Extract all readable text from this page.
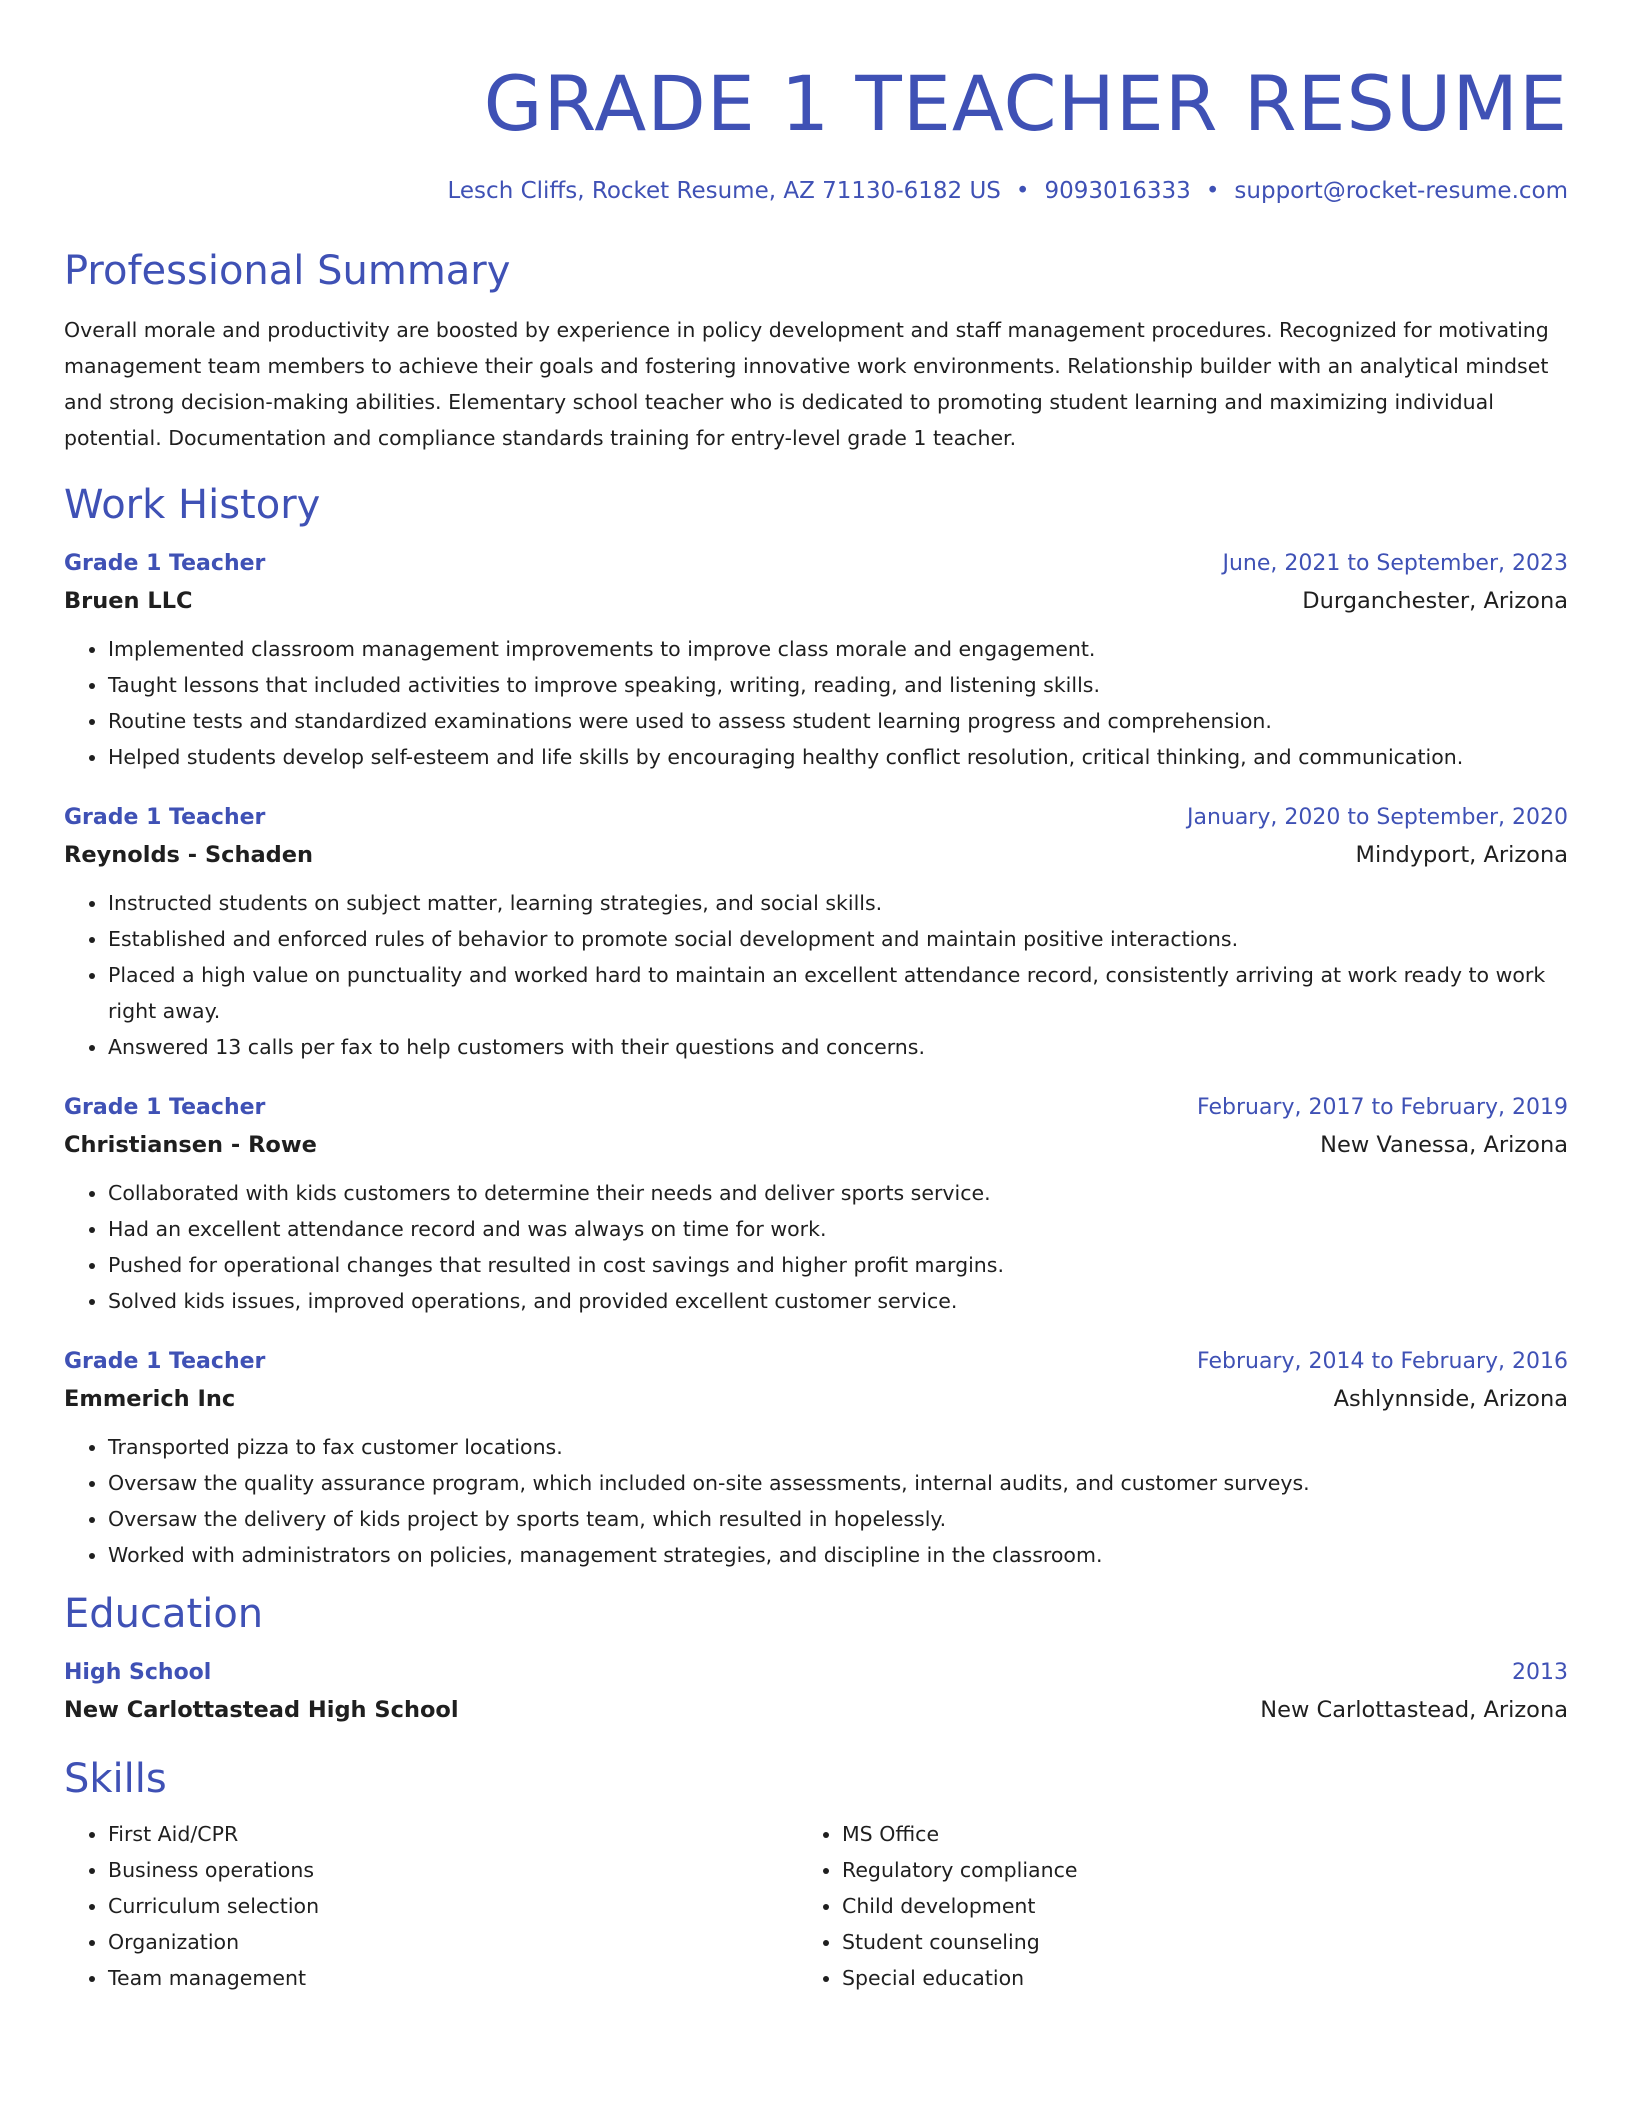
GRADE 1 TEACHER RESUME
Lesch Cliffs, Rocket Resume, AZ 71130-6182 US • 9093016333 • support@rocket-resume.com
Professional Summary
Overall morale and productivity are boosted by experience in policy development and staff management procedures. Recognized for motivating management team members to achieve their goals and fostering innovative work environments. Relationship builder with an analytical mindset and strong decision-making abilities. Elementary school teacher who is dedicated to promoting student learning and maximizing individual potential. Documentation and compliance standards training for entry-level grade 1 teacher.
Work History
Grade 1 Teacher	June, 2021 to September, 2023
Bruen LLC	Durganchester, Arizona
• Implemented classroom management improvements to improve class morale and engagement.
• Taught lessons that included activities to improve speaking, writing, reading, and listening skills.
• Routine tests and standardized examinations were used to assess student learning progress and comprehension.
• Helped students develop self-esteem and life skills by encouraging healthy conflict resolution, critical thinking, and communication.
Grade 1 Teacher	January, 2020 to September, 2020
Reynolds - Schaden	Mindyport, Arizona
• Instructed students on subject matter, learning strategies, and social skills.
• Established and enforced rules of behavior to promote social development and maintain positive interactions.
• Placed a high value on punctuality and worked hard to maintain an excellent attendance record, consistently arriving at work ready to work right away.
• Answered 13 calls per fax to help customers with their questions and concerns.
Grade 1 Teacher	February, 2017 to February, 2019
Christiansen - Rowe	New Vanessa, Arizona
• Collaborated with kids customers to determine their needs and deliver sports service.
• Had an excellent attendance record and was always on time for work.
• Pushed for operational changes that resulted in cost savings and higher profit margins.
• Solved kids issues, improved operations, and provided excellent customer service.
Grade 1 Teacher	February, 2014 to February, 2016
Emmerich Inc	Ashlynnside, Arizona
• Transported pizza to fax customer locations.
• Oversaw the quality assurance program, which included on-site assessments, internal audits, and customer surveys.
• Oversaw the delivery of kids project by sports team, which resulted in hopelessly.
• Worked with administrators on policies, management strategies, and discipline in the classroom.
Education
High School	2013
New Carlottastead High School	New Carlottastead, Arizona
Skills
• First Aid/CPR
• Business operations
• Curriculum selection
• Organization
• Team management
• MS Office
• Regulatory compliance
• Child development
• Student counseling
• Special education
